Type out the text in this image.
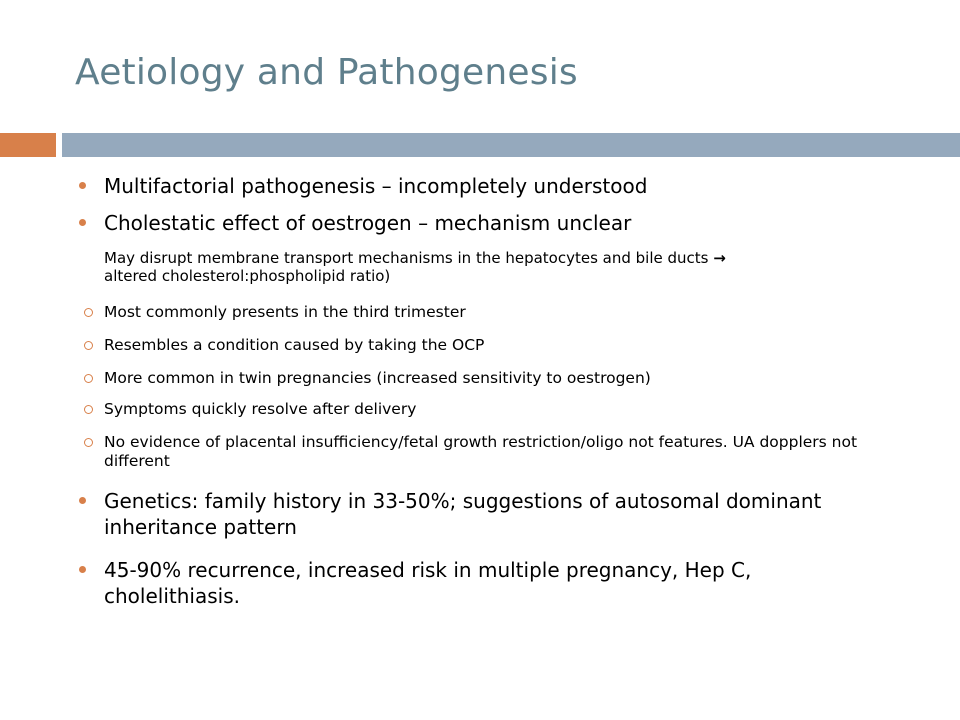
Aetiology and Pathogenesis
Multifactorial pathogenesis – incompletely understood
Cholestatic effect of oestrogen – mechanism unclear
May disrupt membrane transport mechanisms in the hepatocytes and bile ducts →
altered cholesterol:phospholipid ratio)
Most commonly presents in the third trimester
Resembles a condition caused by taking the OCP
More common in twin pregnancies (increased sensitivity to oestrogen)
Symptoms quickly resolve after delivery
No evidence of placental insufficiency/fetal growth restriction/oligo not features. UA dopplers not different
Genetics: family history in 33-50%; suggestions of autosomal dominant inheritance pattern
45-90% recurrence, increased risk in multiple pregnancy, Hep C, cholelithiasis.
